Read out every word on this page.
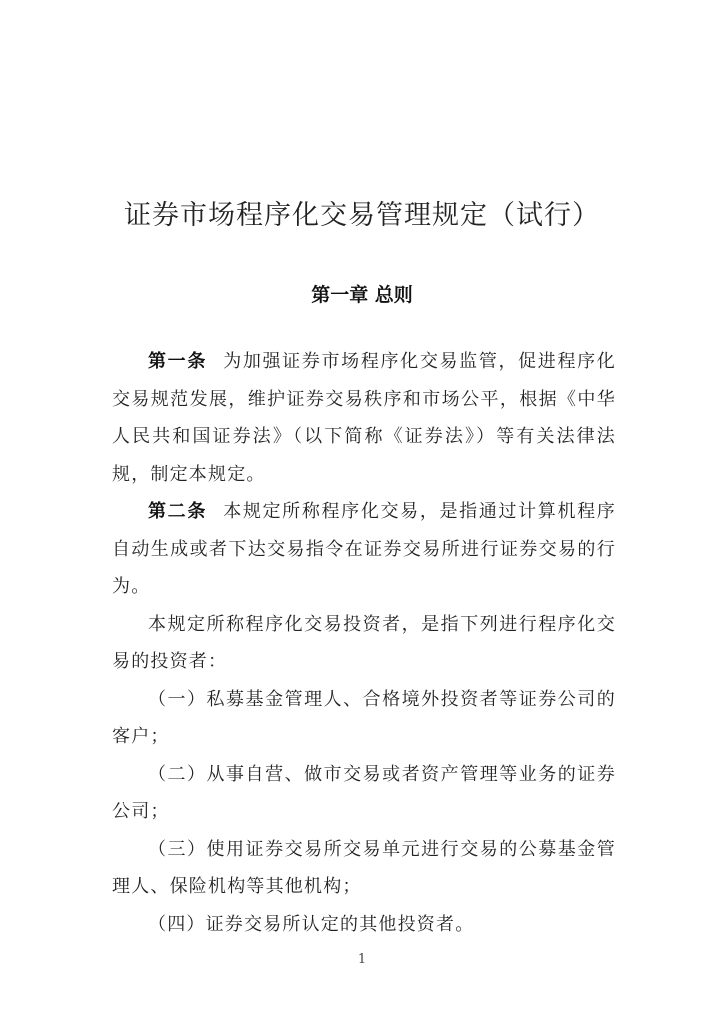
证券市场程序化交易管理规定（试行）
第一章 总则

第一条 为加强证券市场程序化交易监管，促进程序化交易规范发展，维护证券交易秩序和市场公平，根据《中华人民共和国证券法》（以下简称《证券法》）等有关法律法规，制定本规定。

第二条 本规定所称程序化交易，是指通过计算机程序自动生成或者下达交易指令在证券交易所进行证券交易的行为。

本规定所称程序化交易投资者，是指下列进行程序化交易的投资者：

（一）私募基金管理人、合格境外投资者等证券公司的客户；

（二）从事自营、做市交易或者资产管理等业务的证券公司；

（三）使用证券交易所交易单元进行交易的公募基金管理人、保险机构等其他机构；

（四）证券交易所认定的其他投资者。

1
